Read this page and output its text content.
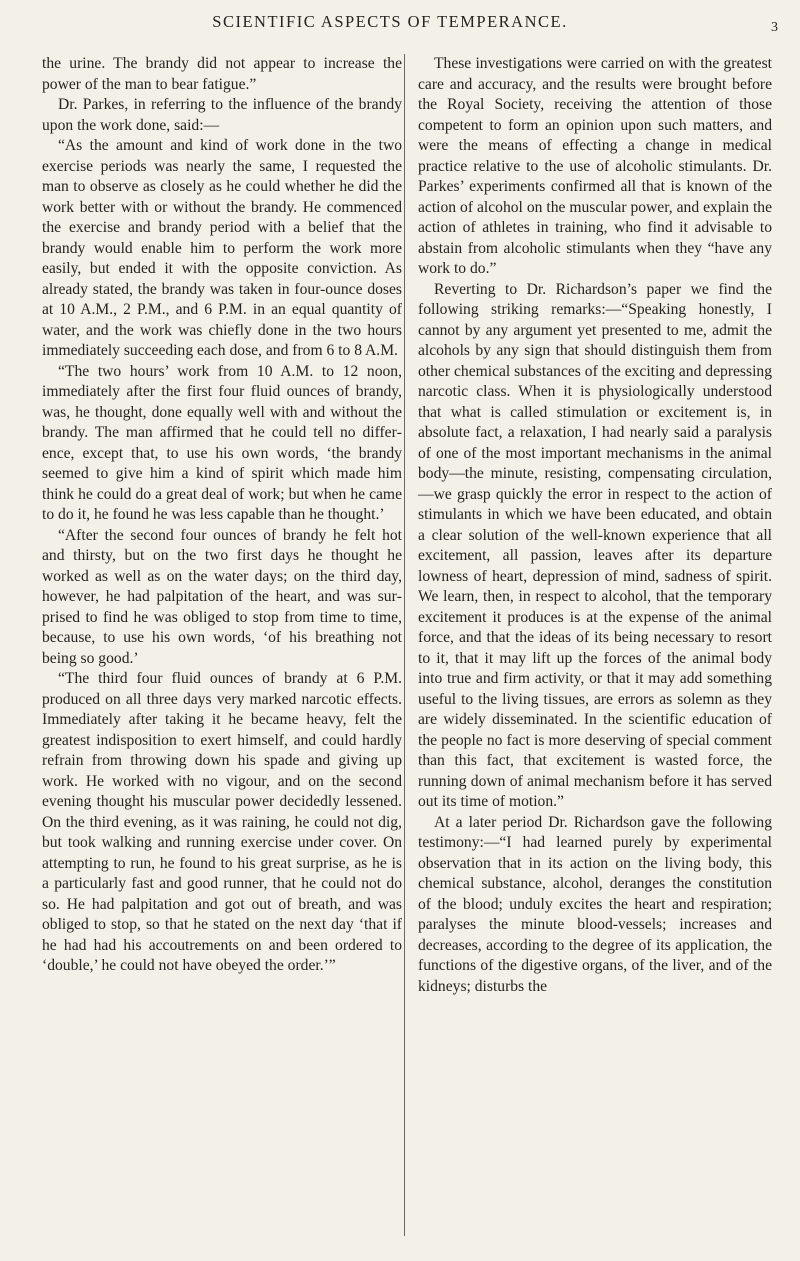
SCIENTIFIC ASPECTS OF TEMPERANCE.	3

the urine. The brandy did not appear to increase the power of the man to bear fatigue.”

Dr. Parkes, in referring to the influence of the brandy upon the work done, said:—

“As the amount and kind of work done in the two exercise periods was nearly the same, I requested the man to observe as closely as he could whether he did the work better with or without the brandy. He commenced the exercise and brandy period with a belief that the brandy would enable him to perform the work more easily, but ended it with the opposite conviction. As already stated, the brandy was taken in four-ounce doses at 10 A.M., 2 P.M., and 6 P.M. in an equal quantity of water, and the work was chiefly done in the two hours immediately succeeding each dose, and from 6 to 8 A.M.

“The two hours’ work from 10 A.M. to 12 noon, immediately after the first four fluid ounces of brandy, was, he thought, done equally well with and without the brandy. The man affirmed that he could tell no difference, except that, to use his own words, ‘the brandy seemed to give him a kind of spirit which made him think he could do a great deal of work; but when he came to do it, he found he was less capable than he thought.’

“After the second four ounces of brandy he felt hot and thirsty, but on the two first days he thought he worked as well as on the water days; on the third day, however, he had palpitation of the heart, and was surprised to find he was obliged to stop from time to time, because, to use his own words, ‘of his breathing not being so good.’

“The third four fluid ounces of brandy at 6 P.M. produced on all three days very marked narcotic effects. Immediately after taking it he became heavy, felt the greatest indisposition to exert himself, and could hardly refrain from throwing down his spade and giving up work. He worked with no vigour, and on the second evening thought his muscular power decidedly lessened. On the third evening, as it was raining, he could not dig, but took walking and running exercise under cover. On attempting to run, he found to his great surprise, as he is a particularly fast and good runner, that he could not do so. He had palpitation and got out of breath, and was obliged to stop, so that he stated on the next day ‘that if he had had his accoutrements on and been ordered to ‘double,’ he could not have obeyed the order.’”

These investigations were carried on with the greatest care and accuracy, and the results were brought before the Royal Society, receiving the attention of those competent to form an opinion upon such matters, and were the means of effecting a change in medical practice relative to the use of alcoholic stimulants. Dr. Parkes’ experiments confirmed all that is known of the action of alcohol on the muscular power, and explain the action of athletes in training, who find it advisable to abstain from alcoholic stimulants when they “have any work to do.”

Reverting to Dr. Richardson’s paper we find the following striking remarks:—“Speaking honestly, I cannot by any argument yet presented to me, admit the alcohols by any sign that should distinguish them from other chemical substances of the exciting and depressing narcotic class. When it is physiologically understood that what is called stimulation or excitement is, in absolute fact, a relaxation, I had nearly said a paralysis of one of the most important mechanisms in the animal body—the minute, resisting, compensating circulation,—we grasp quickly the error in respect to the action of stimulants in which we have been educated, and obtain a clear solution of the well-known experience that all excitement, all passion, leaves after its departure lowness of heart, depression of mind, sadness of spirit. We learn, then, in respect to alcohol, that the temporary excitement it produces is at the expense of the animal force, and that the ideas of its being necessary to resort to it, that it may lift up the forces of the animal body into true and firm activity, or that it may add something useful to the living tissues, are errors as solemn as they are widely disseminated. In the scientific education of the people no fact is more deserving of special comment than this fact, that excitement is wasted force, the running down of animal mechanism before it has served out its time of motion.”

At a later period Dr. Richardson gave the following testimony:—“I had learned purely by experimental observation that in its action on the living body, this chemical substance, alcohol, deranges the constitution of the blood; unduly excites the heart and respiration; paralyses the minute blood-vessels; increases and decreases, according to the degree of its application, the functions of the digestive organs, of the liver, and of the kidneys; disturbs the
